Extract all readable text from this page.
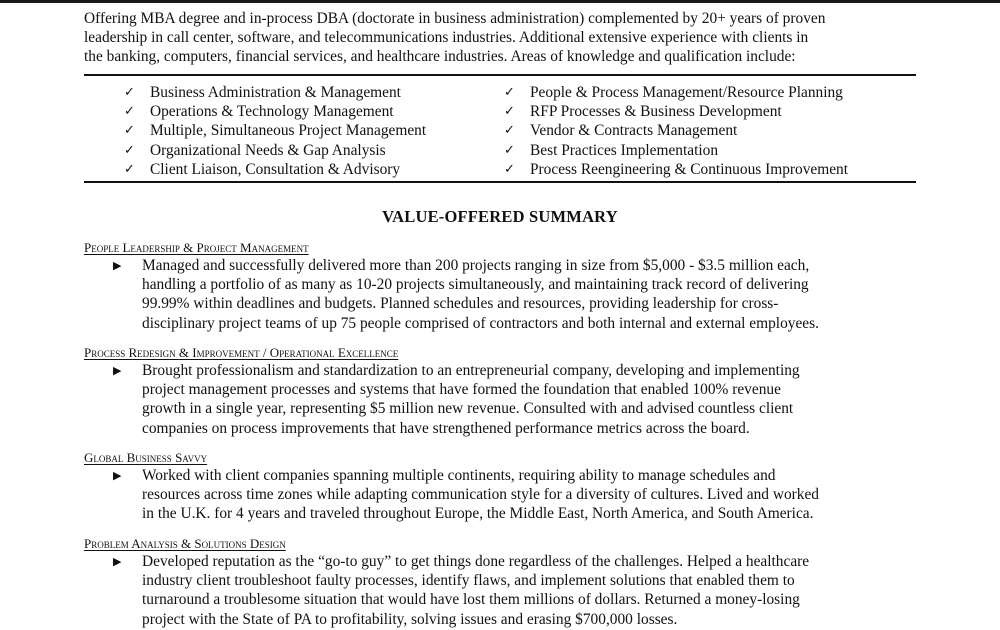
Offering MBA degree and in-process DBA (doctorate in business administration) complemented by 20+ years of proven
leadership in call center, software, and telecommunications industries. Additional extensive experience with clients in
the banking, computers, financial services, and healthcare industries. Areas of knowledge and qualification include:
✓ Business Administration & Management
✓ Operations & Technology Management
✓ Multiple, Simultaneous Project Management
✓ Organizational Needs & Gap Analysis
✓ Client Liaison, Consultation & Advisory
✓ People & Process Management/Resource Planning
✓ RFP Processes & Business Development
✓ Vendor & Contracts Management
✓ Best Practices Implementation
✓ Process Reengineering & Continuous Improvement
VALUE-OFFERED SUMMARY
People Leadership & Project Management
▶ Managed and successfully delivered more than 200 projects ranging in size from $5,000 - $3.5 million each,
handling a portfolio of as many as 10-20 projects simultaneously, and maintaining track record of delivering
99.99% within deadlines and budgets. Planned schedules and resources, providing leadership for cross-
disciplinary project teams of up 75 people comprised of contractors and both internal and external employees.
Process Redesign & Improvement / Operational Excellence
▶ Brought professionalism and standardization to an entrepreneurial company, developing and implementing
project management processes and systems that have formed the foundation that enabled 100% revenue
growth in a single year, representing $5 million new revenue. Consulted with and advised countless client
companies on process improvements that have strengthened performance metrics across the board.
Global Business Savvy
▶ Worked with client companies spanning multiple continents, requiring ability to manage schedules and
resources across time zones while adapting communication style for a diversity of cultures. Lived and worked
in the U.K. for 4 years and traveled throughout Europe, the Middle East, North America, and South America.
Problem Analysis & Solutions Design
▶ Developed reputation as the “go-to guy” to get things done regardless of the challenges. Helped a healthcare
industry client troubleshoot faulty processes, identify flaws, and implement solutions that enabled them to
turnaround a troublesome situation that would have lost them millions of dollars. Returned a money-losing
project with the State of PA to profitability, solving issues and erasing $700,000 losses.
